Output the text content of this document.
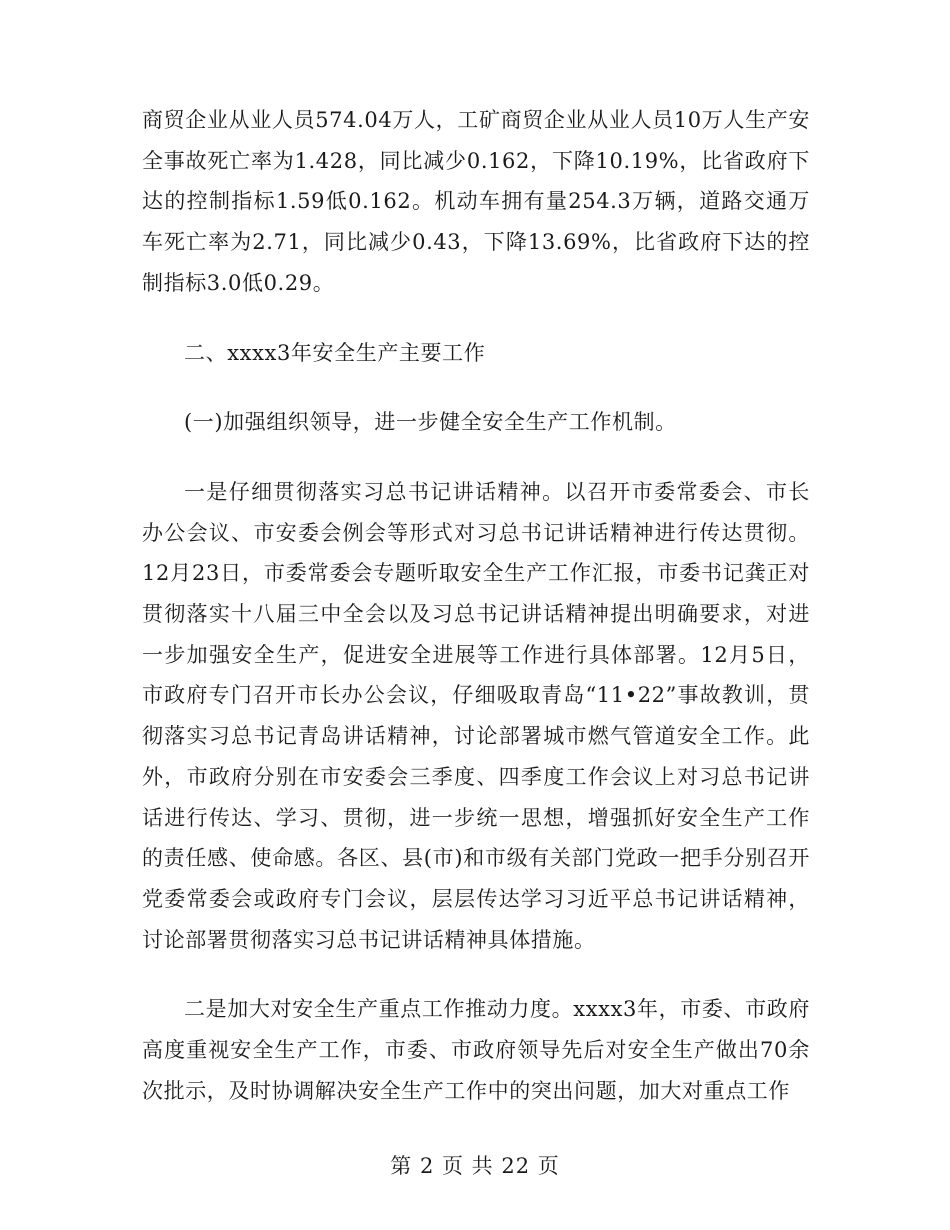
商贸企业从业人员574.04万人，工矿商贸企业从业人员10万人生产安全事故死亡率为1.428，同比减少0.162，下降10.19%，比省政府下达的控制指标1.59低0.162。机动车拥有量254.3万辆，道路交通万车死亡率为2.71，同比减少0.43，下降13.69%，比省政府下达的控制指标3.0低0.29。

二、xxxx3年安全生产主要工作

(一)加强组织领导，进一步健全安全生产工作机制。

一是仔细贯彻落实习总书记讲话精神。以召开市委常委会、市长办公会议、市安委会例会等形式对习总书记讲话精神进行传达贯彻。12月23日，市委常委会专题听取安全生产工作汇报，市委书记龚正对贯彻落实十八届三中全会以及习总书记讲话精神提出明确要求，对进一步加强安全生产，促进安全进展等工作进行具体部署。12月5日，市政府专门召开市长办公会议，仔细吸取青岛“11•22”事故教训，贯彻落实习总书记青岛讲话精神，讨论部署城市燃气管道安全工作。此外，市政府分别在市安委会三季度、四季度工作会议上对习总书记讲话进行传达、学习、贯彻，进一步统一思想，增强抓好安全生产工作的责任感、使命感。各区、县(市)和市级有关部门党政一把手分别召开党委常委会或政府专门会议，层层传达学习习近平总书记讲话精神，讨论部署贯彻落实习总书记讲话精神具体措施。

二是加大对安全生产重点工作推动力度。xxxx3年，市委、市政府高度重视安全生产工作，市委、市政府领导先后对安全生产做出70余次批示，及时协调解决安全生产工作中的突出问题，加大对重点工作

第 2 页 共 22 页
